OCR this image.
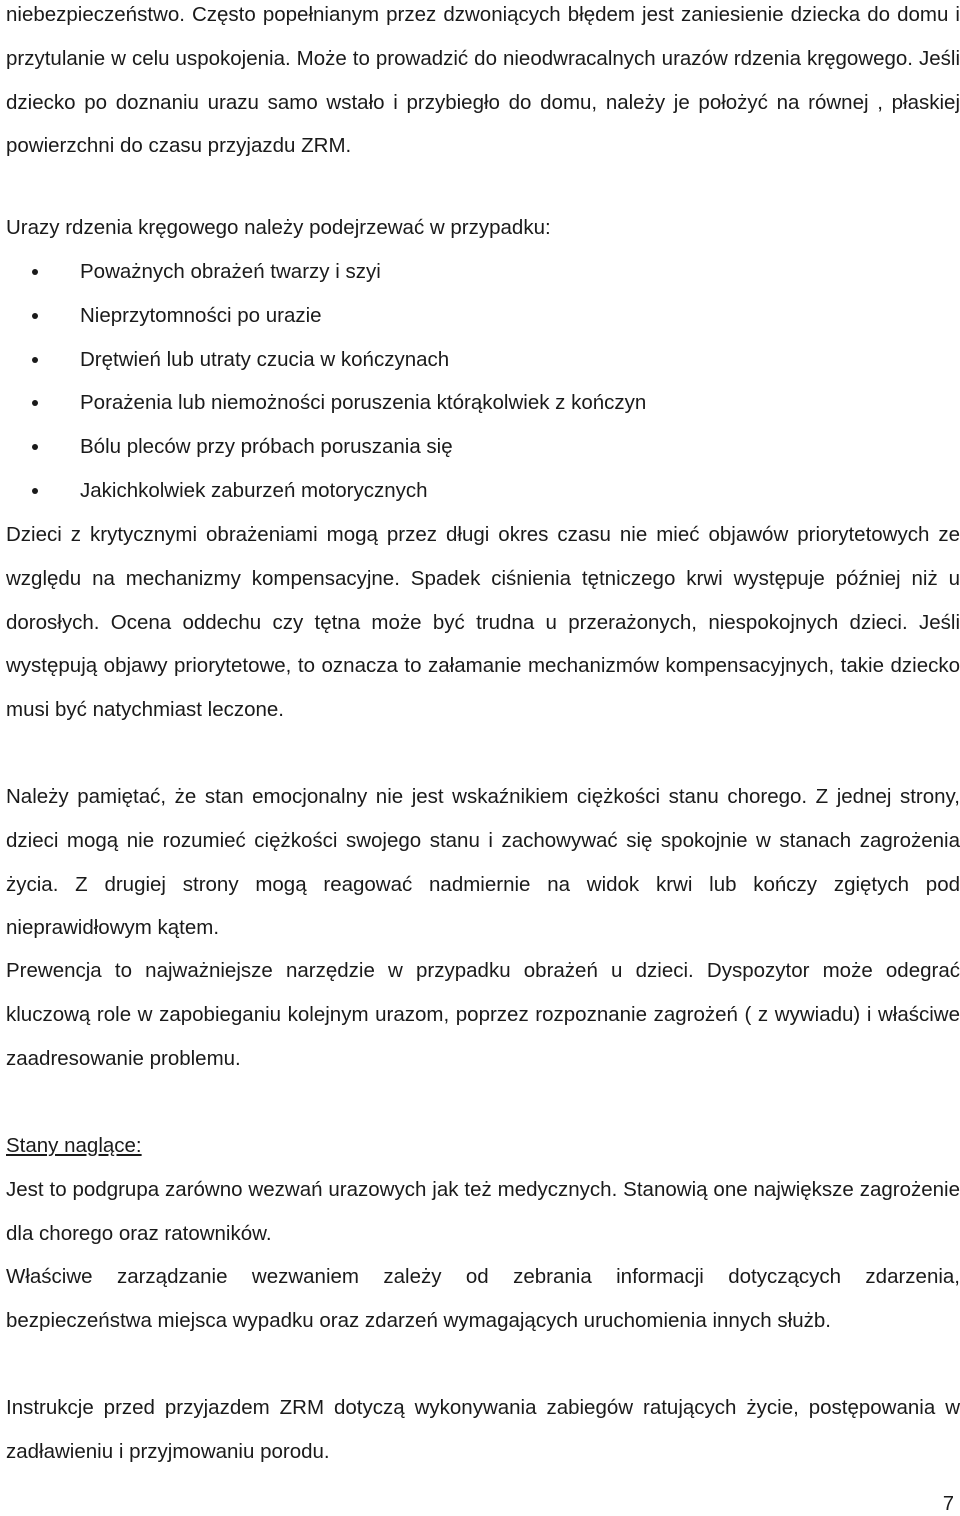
niebezpieczeństwo. Często popełnianym przez dzwoniących błędem jest zaniesienie dziecka do domu i przytulanie w celu uspokojenia. Może to prowadzić do nieodwracalnych urazów rdzenia kręgowego. Jeśli dziecko po doznaniu urazu samo wstało i przybiegło do domu, należy je położyć na równej , płaskiej powierzchni do czasu przyjazdu ZRM.

Urazy rdzenia kręgowego należy podejrzewać w przypadku:

Poważnych obrażeń twarzy i szyi
Nieprzytomności po urazie
Drętwień lub utraty czucia w kończynach
Porażenia lub niemożności poruszenia którąkolwiek z kończyn
Bólu pleców przy próbach poruszania się
Jakichkolwiek zaburzeń motorycznych

Dzieci z krytycznymi obrażeniami mogą przez długi okres czasu nie mieć objawów priorytetowych ze względu na mechanizmy kompensacyjne. Spadek ciśnienia tętniczego krwi występuje później niż u dorosłych. Ocena oddechu czy tętna może być trudna u przerażonych, niespokojnych dzieci. Jeśli występują objawy priorytetowe, to oznacza to załamanie mechanizmów kompensacyjnych, takie dziecko musi być natychmiast leczone.

Należy pamiętać, że stan emocjonalny nie jest wskaźnikiem ciężkości stanu chorego. Z jednej strony, dzieci mogą nie rozumieć ciężkości swojego stanu i zachowywać się spokojnie w stanach zagrożenia życia. Z drugiej strony mogą reagować nadmiernie na widok krwi lub kończy zgiętych pod nieprawidłowym kątem.

Prewencja to najważniejsze narzędzie w przypadku obrażeń u dzieci. Dyspozytor może odegrać kluczową role w zapobieganiu kolejnym urazom, poprzez rozpoznanie zagrożeń ( z wywiadu) i właściwe zaadresowanie problemu.

Stany naglące:

Jest to podgrupa zarówno wezwań urazowych jak też medycznych. Stanowią one największe zagrożenie dla chorego oraz ratowników.

Właściwe zarządzanie wezwaniem zależy od zebrania informacji dotyczących zdarzenia, bezpieczeństwa miejsca wypadku oraz zdarzeń wymagających uruchomienia innych służb.

Instrukcje przed przyjazdem ZRM dotyczą wykonywania zabiegów ratujących życie, postępowania w zadławieniu i przyjmowaniu porodu.

7
